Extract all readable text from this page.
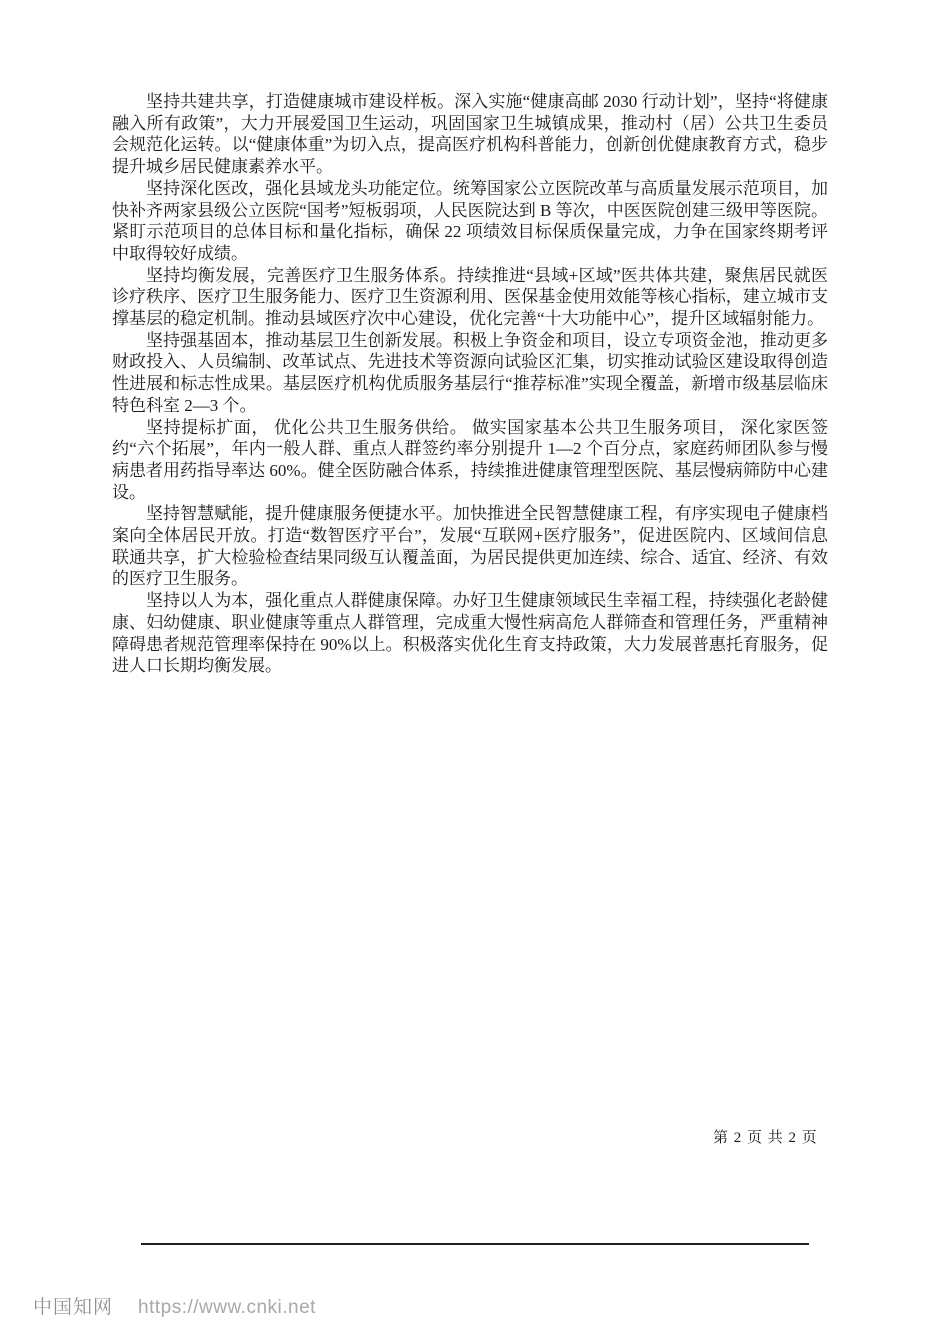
坚持共建共享，打造健康城市建设样板。深入实施“健康高邮 2030 行动计划”，坚持“将健康融入所有政策”，大力开展爱国卫生运动，巩固国家卫生城镇成果，推动村（居）公共卫生委员会规范化运转。以“健康体重”为切入点，提高医疗机构科普能力，创新创优健康教育方式，稳步提升城乡居民健康素养水平。

坚持深化医改，强化县域龙头功能定位。统筹国家公立医院改革与高质量发展示范项目，加快补齐两家县级公立医院“国考”短板弱项，人民医院达到 B 等次，中医医院创建三级甲等医院。紧盯示范项目的总体目标和量化指标，确保 22 项绩效目标保质保量完成，力争在国家终期考评中取得较好成绩。

坚持均衡发展，完善医疗卫生服务体系。持续推进“县域+区域”医共体共建，聚焦居民就医诊疗秩序、医疗卫生服务能力、医疗卫生资源利用、医保基金使用效能等核心指标，建立城市支撑基层的稳定机制。推动县域医疗次中心建设，优化完善“十大功能中心”，提升区域辐射能力。

坚持强基固本，推动基层卫生创新发展。积极上争资金和项目，设立专项资金池，推动更多财政投入、人员编制、改革试点、先进技术等资源向试验区汇集，切实推动试验区建设取得创造性进展和标志性成果。基层医疗机构优质服务基层行“推荐标准”实现全覆盖，新增市级基层临床特色科室 2—3 个。

坚持提标扩面， 优化公共卫生服务供给。 做实国家基本公共卫生服务项目， 深化家医签约“六个拓展”，年内一般人群、重点人群签约率分别提升 1—2 个百分点，家庭药师团队参与慢病患者用药指导率达 60%。健全医防融合体系，持续推进健康管理型医院、基层慢病筛防中心建设。

坚持智慧赋能，提升健康服务便捷水平。加快推进全民智慧健康工程，有序实现电子健康档案向全体居民开放。打造“数智医疗平台”，发展“互联网+医疗服务”，促进医院内、区域间信息联通共享，扩大检验检查结果同级互认覆盖面，为居民提供更加连续、综合、适宜、经济、有效的医疗卫生服务。

坚持以人为本，强化重点人群健康保障。办好卫生健康领域民生幸福工程，持续强化老龄健康、妇幼健康、职业健康等重点人群管理，完成重大慢性病高危人群筛查和管理任务，严重精神障碍患者规范管理率保持在 90%以上。积极落实优化生育支持政策，大力发展普惠托育服务，促进人口长期均衡发展。

第 2 页 共 2 页
中国知网 https://www.cnki.net
